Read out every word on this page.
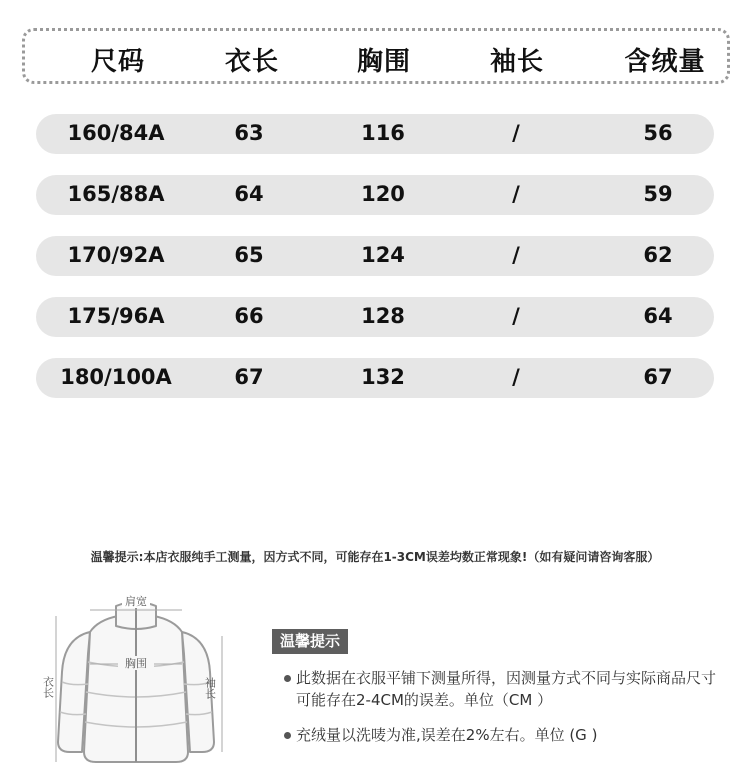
尺码	衣长	胸围	袖长	含绒量
160/84A	63	116	/	56
165/88A	64	120	/	59
170/92A	65	124	/	62
175/96A	66	128	/	64
180/100A	67	132	/	67
温馨提示:本店衣服纯手工测量，因方式不同，可能存在1-3CM误差均数正常现象!（如有疑问请咨询客服）
肩宽
胸围
衣长	袖长
温馨提示
此数据在衣服平铺下测量所得，因测量方式不同与实际商品尺寸可能存在2-4CM的误差。单位（CM ）
充绒量以洗唛为准,误差在2%左右。单位 (G )
